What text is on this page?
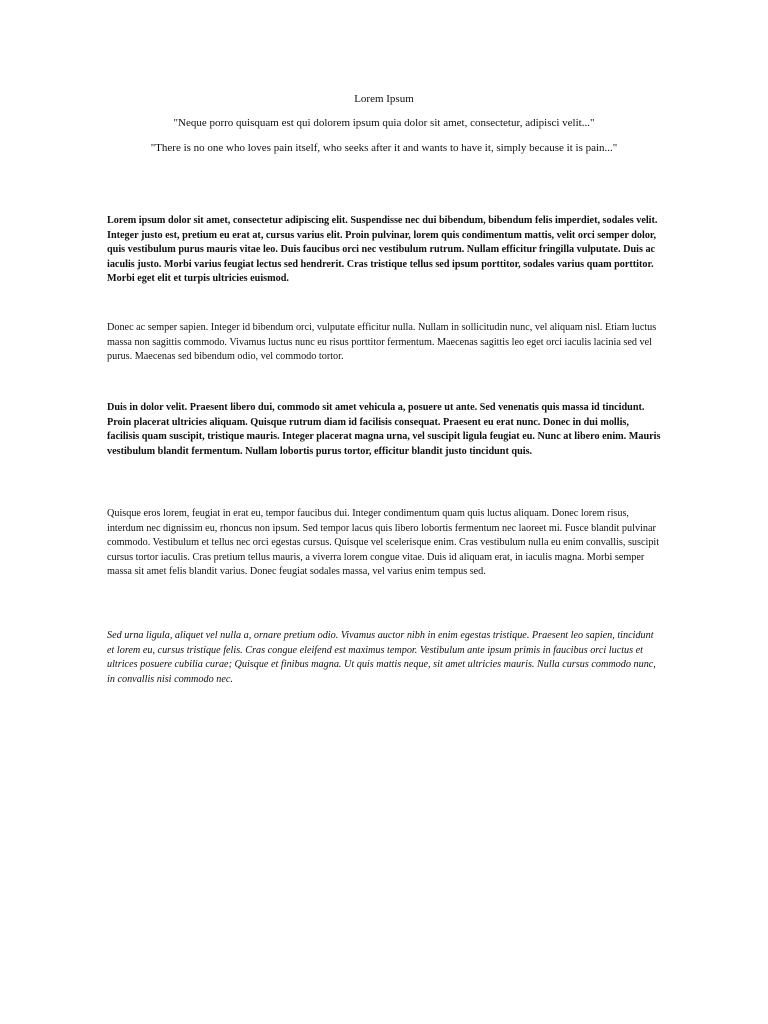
Lorem Ipsum
"Neque porro quisquam est qui dolorem ipsum quia dolor sit amet, consectetur, adipisci velit..."
"There is no one who loves pain itself, who seeks after it and wants to have it, simply because it is pain..."

Lorem ipsum dolor sit amet, consectetur adipiscing elit. Suspendisse nec dui bibendum, bibendum felis imperdiet, sodales velit. Integer justo est, pretium eu erat at, cursus varius elit. Proin pulvinar, lorem quis condimentum mattis, velit orci semper dolor, quis vestibulum purus mauris vitae leo. Duis faucibus orci nec vestibulum rutrum. Nullam efficitur fringilla vulputate. Duis ac iaculis justo. Morbi varius feugiat lectus sed hendrerit. Cras tristique tellus sed ipsum porttitor, sodales varius quam porttitor. Morbi eget elit et turpis ultricies euismod.

Donec ac semper sapien. Integer id bibendum orci, vulputate efficitur nulla. Nullam in sollicitudin nunc, vel aliquam nisl. Etiam luctus massa non sagittis commodo. Vivamus luctus nunc eu risus porttitor fermentum. Maecenas sagittis leo eget orci iaculis lacinia sed vel purus. Maecenas sed bibendum odio, vel commodo tortor.

Duis in dolor velit. Praesent libero dui, commodo sit amet vehicula a, posuere ut ante. Sed venenatis quis massa id tincidunt. Proin placerat ultricies aliquam. Quisque rutrum diam id facilisis consequat. Praesent eu erat nunc. Donec in dui mollis, facilisis quam suscipit, tristique mauris. Integer placerat magna urna, vel suscipit ligula feugiat eu. Nunc at libero enim. Mauris vestibulum blandit fermentum. Nullam lobortis purus tortor, efficitur blandit justo tincidunt quis.

Quisque eros lorem, feugiat in erat eu, tempor faucibus dui. Integer condimentum quam quis luctus aliquam. Donec lorem risus, interdum nec dignissim eu, rhoncus non ipsum. Sed tempor lacus quis libero lobortis fermentum nec laoreet mi. Fusce blandit pulvinar commodo. Vestibulum et tellus nec orci egestas cursus. Quisque vel scelerisque enim. Cras vestibulum nulla eu enim convallis, suscipit cursus tortor iaculis. Cras pretium tellus mauris, a viverra lorem congue vitae. Duis id aliquam erat, in iaculis magna. Morbi semper massa sit amet felis blandit varius. Donec feugiat sodales massa, vel varius enim tempus sed.

Sed urna ligula, aliquet vel nulla a, ornare pretium odio. Vivamus auctor nibh in enim egestas tristique. Praesent leo sapien, tincidunt et lorem eu, cursus tristique felis. Cras congue eleifend est maximus tempor. Vestibulum ante ipsum primis in faucibus orci luctus et ultrices posuere cubilia curae; Quisque et finibus magna. Ut quis mattis neque, sit amet ultricies mauris. Nulla cursus commodo nunc, in convallis nisi commodo nec.
